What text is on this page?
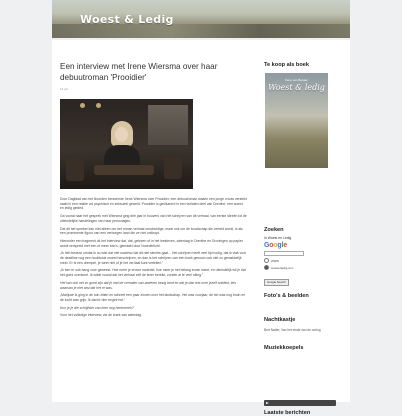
Woest & Ledig
Een interview met Irene Wiersma over haar debuutroman 'Prooidier'
14 jun

Door Dagblad van het Noorden benoemde Irene Wiersma over Prooidier, een debuutroman waarin een jonge vrouw verstrikt raakt in een relatie vol psychisch en seksueel geweld. Prooidier is gesitueerd in een verlaten deel van Drenthe, een woest en ledig gebied.

Ga vooral naar het gesprek met Wiersma ging drie jaar in houvers van het schrijven van dit verhaal, van eerste ideeën tot de uiteindelijke handelingen van haar personages.

Dat dit het spreker kan niet alleen om het roman verhaal onschuldige, maar ook om de boodschap die verteld wordt, is als een prominente figuur van een verborgen land die ze niet ontloopt.

Hieronder een fragment uit het interview dat, dat, gelezen of in het leesleven, zaterdag in Drenthe en Groningen op papier wordt verspreid met een of meer foto's, gemaakt door Noorderlicht.

„Ik heb bewust omdat ik nu wist dat niet sowieso dat dit niet slechts gaat... Het schrijven heeft veel tijd nodig, dat ik vlak voor de deadline nog een hoofdstuk moest herschrijven, en dan is het schrijven van een boek gewoon ook niet zo gemakkelijk meer. Er is een drempel, je weet niet of je het verhaal kunt vertellen.”

„Ik ben er ook bang voor geweest. Hoe meer je erover nadenkt, hoe meer je het belang ervan inziet, en uiteindelijk wil je dat het goed overkomt. Ik wilde vooral dat het verhaal zelf de lezer bereikt, zonder al te veel uitleg.”

Het kan ook net zo goed zijn dat je met de verhalen van anderen bezig bent en dat je dan iets over jezelf ontdekt, iets waarvan je niet wist dat het er was.

„Marijuse ik ging in de tuin zitten en schreef een paar zinnen over het landschap. Het was voorjaar, de hei was nog bruin en de lucht was grijs. Ik dacht: hier begint het.”

Kun je je die schrijfster van toen nog herinneren?

Voor het volledige interview, zie de krant van zaterdag.

Te koop als boek
Irene van Bergen
Woest & ledig
Zoeken
In Woest en Ledig
Google
WWW
woestenledig.com
Google Search
Foto's & beelden
Nachtkastje
Bert Natter, Van het einde van de oorlog
Muziekkoepels
Laatste berichten
